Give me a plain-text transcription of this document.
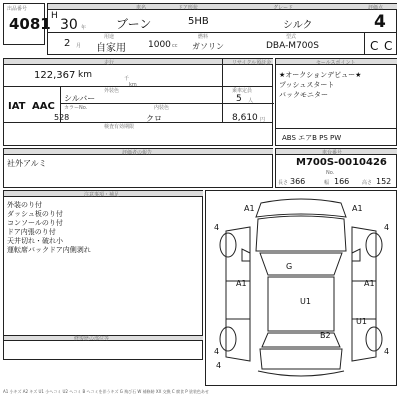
出品番号
4081
車名	ドア形状	グレード	評価点
H
30 年 ブーン	5HB	シルク	4
2 月
用途
自家用 1000 cc
燃料
ガソリン
型式
DBA-M700S	C C
走行
122,367 km	千
km
リサイクル預託金
外装色
シルバー
乗車定員
5 人
IAT AAC カラーNo.	内装色
528	クロ	8,610 円
検査有効期限
セールスポイント
★オークションデビュー★
プッシュスタート
バックモニター
ABS エアB PS PW
評価者の報告
社外アルミ
車台番号
M700S-0010426
No.
長さ 366	幅 166	高さ 152
注意事項・補足
外装のり付
ダッシュ板のり付
コンソールのり付
ドア内張のり付
天井切れ・破れ小
運転席バックドア内側剥れ
修復歴の部位等
A1	A1
G
A1
U1
B2
A1
U1
4	4
4	4
4
A1 小キズ A2 キズ U1 小ヘコミ U2 ヘコミ B ヘコミを伴うキズ G 飛び石 W 補修跡 XX 交換 C 腐食 P 塗装色あせ
